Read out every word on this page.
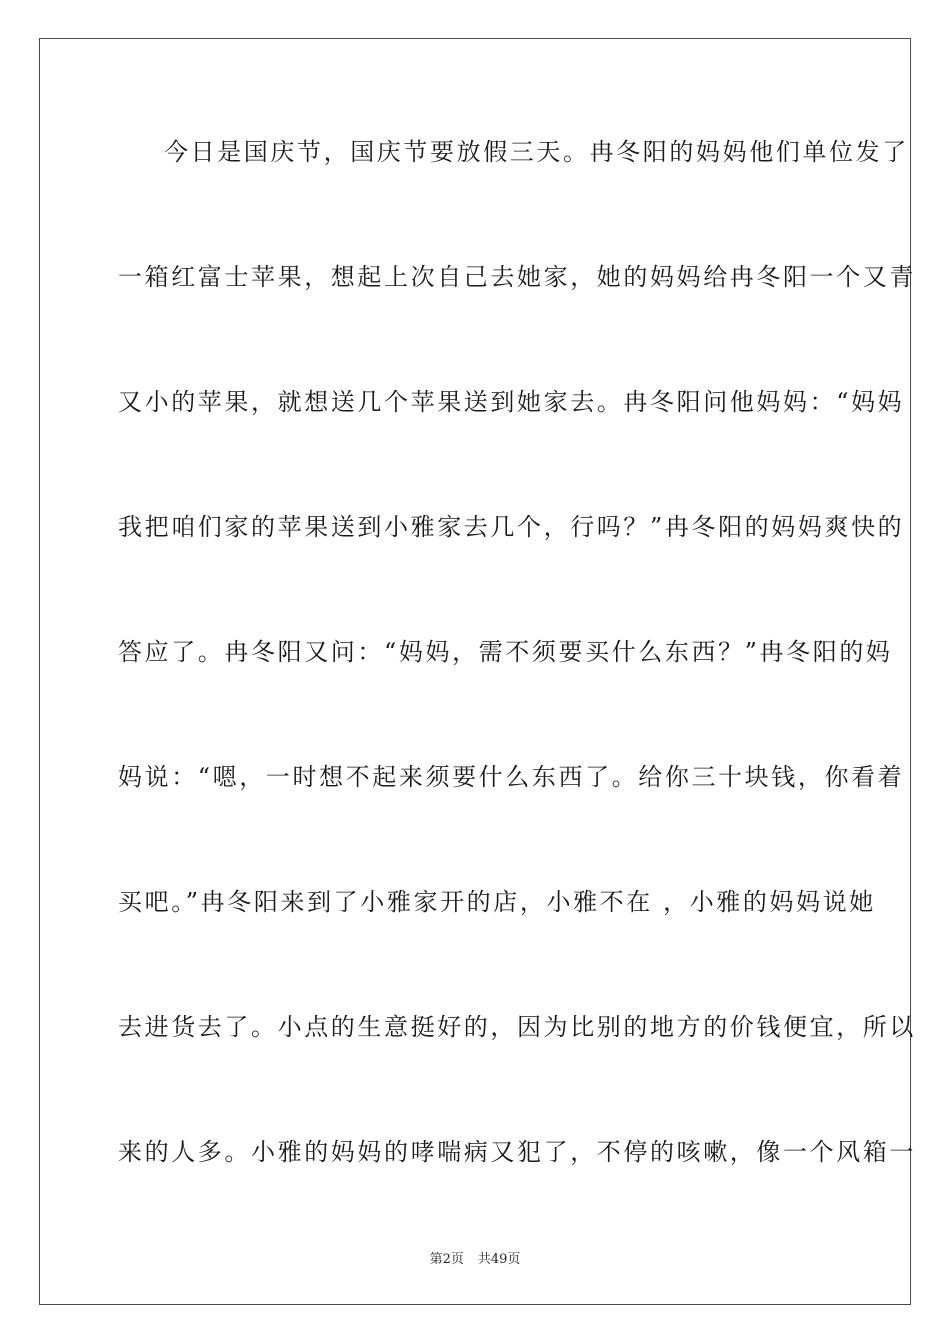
今日是国庆节，国庆节要放假三天。冉冬阳的妈妈他们单位发了
一箱红富士苹果，想起上次自己去她家，她的妈妈给冉冬阳一个又青
又小的苹果，就想送几个苹果送到她家去。冉冬阳问他妈妈：“妈妈
我把咱们家的苹果送到小雅家去几个，行吗？”冉冬阳的妈妈爽快的
答应了。冉冬阳又问：“妈妈，需不须要买什么东西？”冉冬阳的妈
妈说：“嗯，一时想不起来须要什么东西了。给你三十块钱，你看着
买吧。”冉冬阳来到了小雅家开的店，小雅不在 ，小雅的妈妈说她
去进货去了。小点的生意挺好的，因为比别的地方的价钱便宜，所以
来的人多。小雅的妈妈的哮喘病又犯了，不停的咳嗽，像一个风箱一
第2页 共49页
